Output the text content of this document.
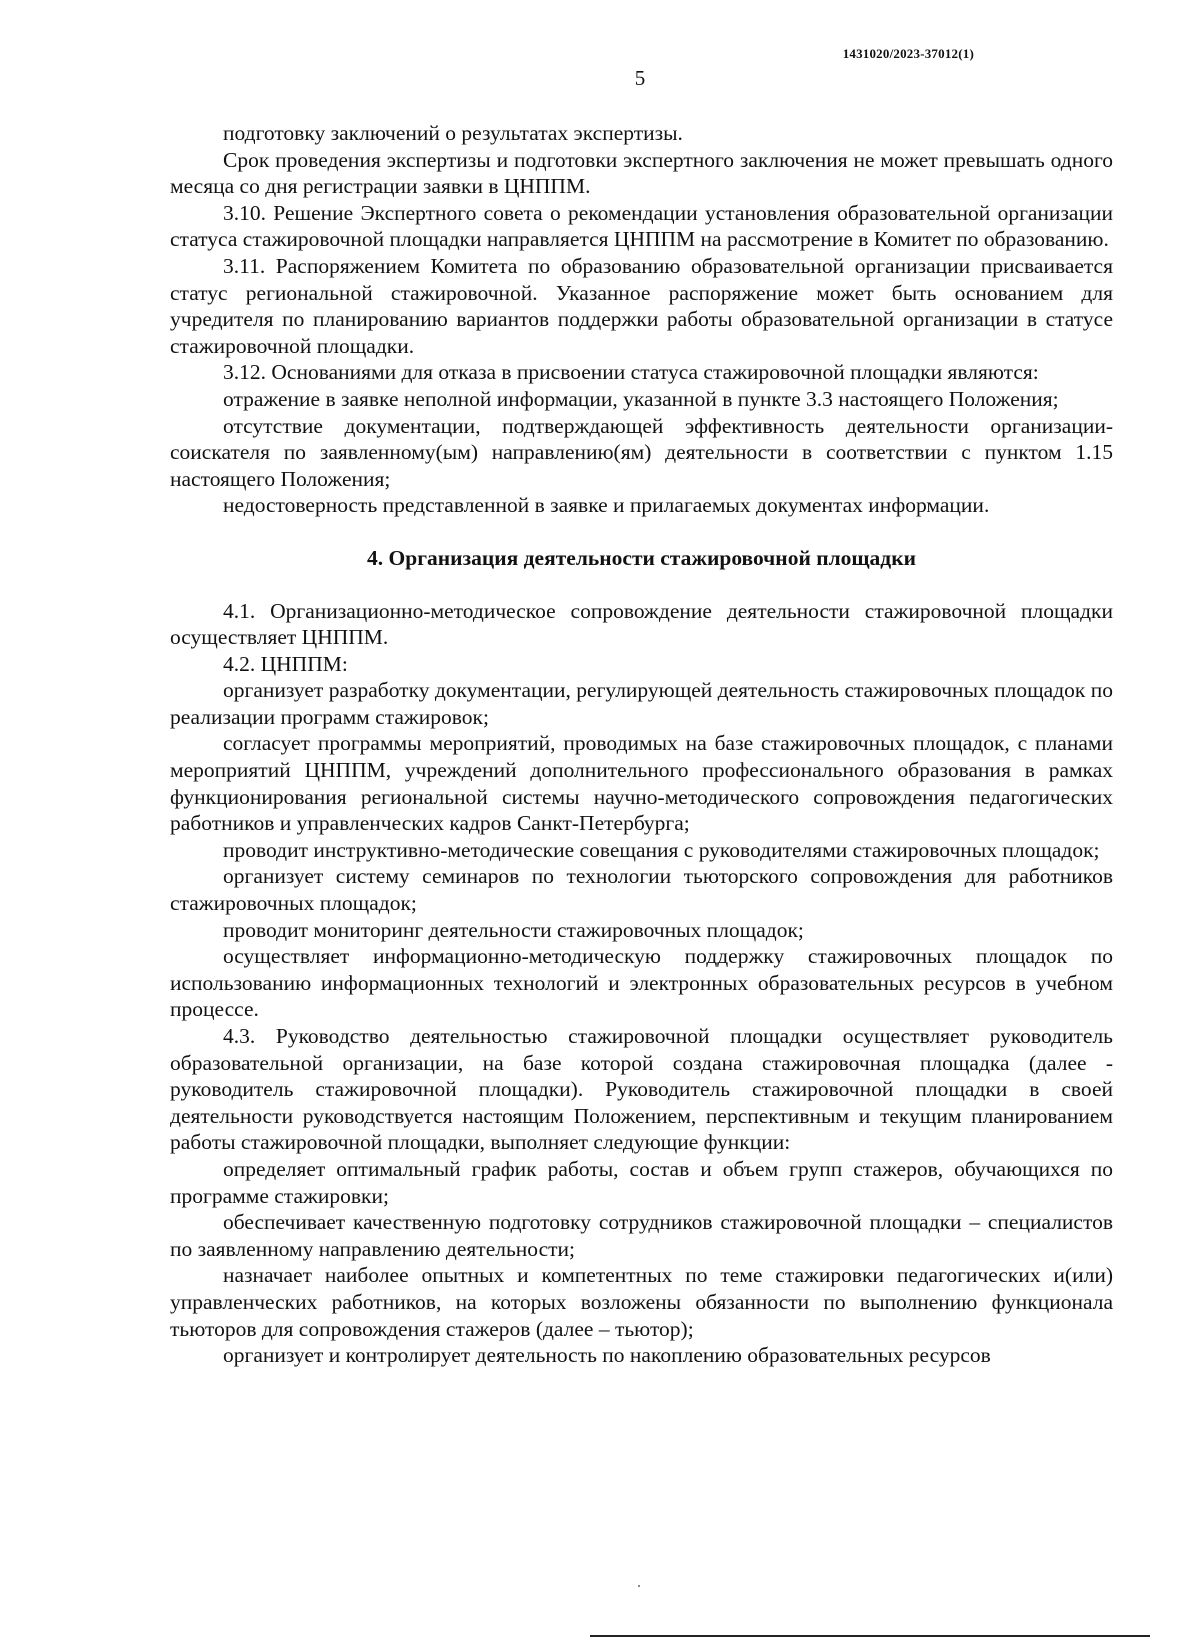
1431020/2023-37012(1)
5

подготовку заключений о результатах экспертизы.

Срок проведения экспертизы и подготовки экспертного заключения не может превышать одного месяца со дня регистрации заявки в ЦНППМ.

3.10. Решение Экспертного совета о рекомендации установления образовательной организации статуса стажировочной площадки направляется ЦНППМ на рассмотрение в Комитет по образованию.

3.11. Распоряжением Комитета по образованию образовательной организации присваивается статус региональной стажировочной. Указанное распоряжение может быть основанием для учредителя по планированию вариантов поддержки работы образовательной организации в статусе стажировочной площадки.

3.12. Основаниями для отказа в присвоении статуса стажировочной площадки являются:

отражение в заявке неполной информации, указанной в пункте 3.3 настоящего Положения;

отсутствие документации, подтверждающей эффективность деятельности организации-соискателя по заявленному(ым) направлению(ям) деятельности в соответствии с пунктом 1.15 настоящего Положения;

недостоверность представленной в заявке и прилагаемых документах информации.

4. Организация деятельности стажировочной площадки

4.1. Организационно-методическое сопровождение деятельности стажировочной площадки осуществляет ЦНППМ.

4.2. ЦНППМ:

организует разработку документации, регулирующей деятельность стажировочных площадок по реализации программ стажировок;

согласует программы мероприятий, проводимых на базе стажировочных площадок, с планами мероприятий ЦНППМ, учреждений дополнительного профессионального образования в рамках функционирования региональной системы научно-методического сопровождения педагогических работников и управленческих кадров Санкт-Петербурга;

проводит инструктивно-методические совещания с руководителями стажировочных площадок;

организует систему семинаров по технологии тьюторского сопровождения для работников стажировочных площадок;

проводит мониторинг деятельности стажировочных площадок;

осуществляет информационно-методическую поддержку стажировочных площадок по использованию информационных технологий и электронных образовательных ресурсов в учебном процессе.

4.3. Руководство деятельностью стажировочной площадки осуществляет руководитель образовательной организации, на базе которой создана стажировочная площадка (далее - руководитель стажировочной площадки). Руководитель стажировочной площадки в своей деятельности руководствуется настоящим Положением, перспективным и текущим планированием работы стажировочной площадки, выполняет следующие функции:

определяет оптимальный график работы, состав и объем групп стажеров, обучающихся по программе стажировки;

обеспечивает качественную подготовку сотрудников стажировочной площадки – специалистов по заявленному направлению деятельности;

назначает наиболее опытных и компетентных по теме стажировки педагогических и(или) управленческих работников, на которых возложены обязанности по выполнению функционала тьюторов для сопровождения стажеров (далее – тьютор);

организует и контролирует деятельность по накоплению образовательных ресурсов
